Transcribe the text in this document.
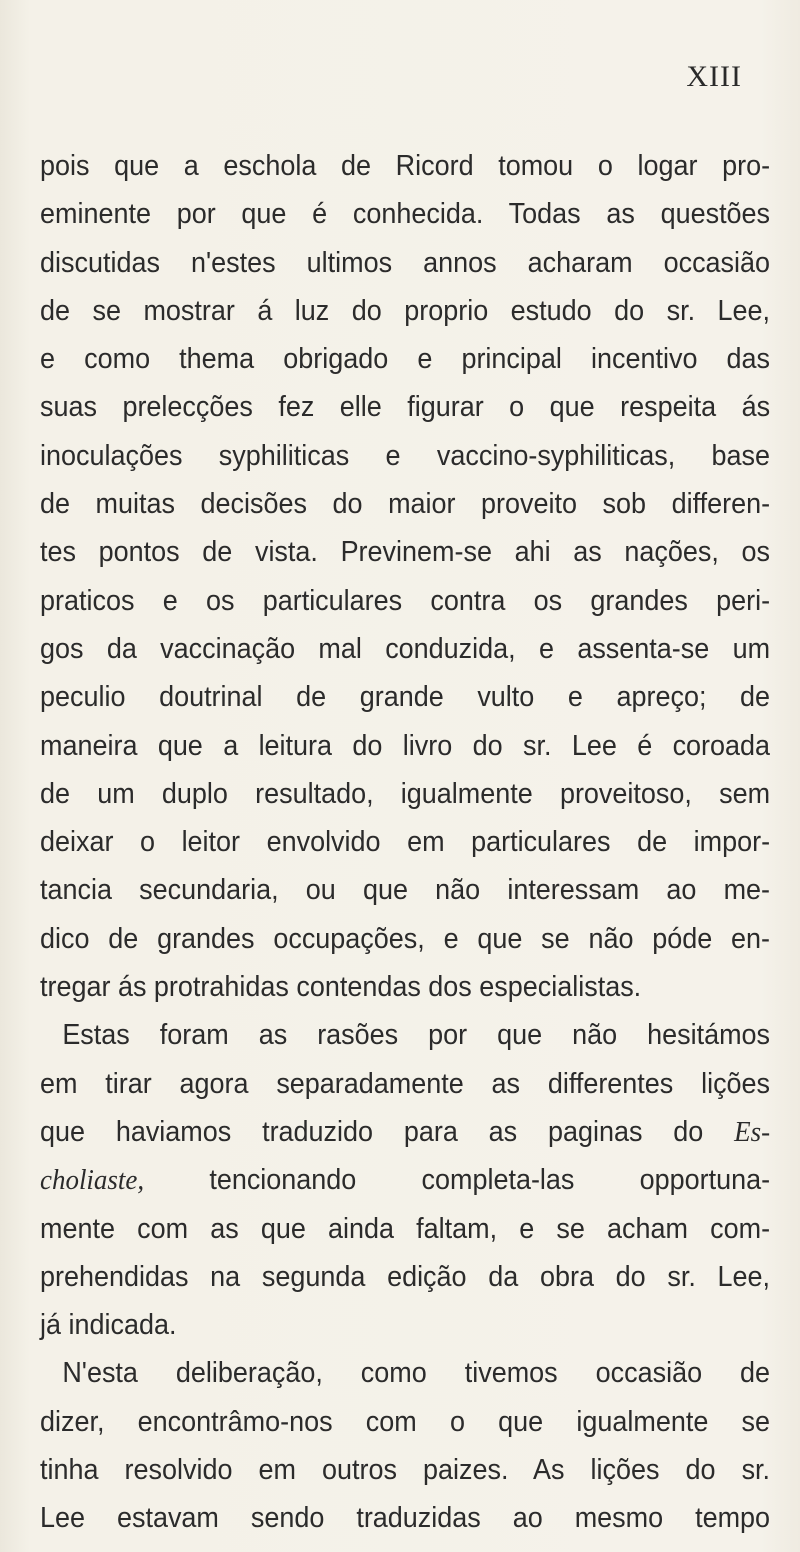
XIII
pois que a eschola de Ricord tomou o logar pro-
eminente por que é conhecida. Todas as questões
discutidas n'estes ultimos annos acharam occasião
de se mostrar á luz do proprio estudo do sr. Lee,
e como thema obrigado e principal incentivo das
suas prelecções fez elle figurar o que respeita ás
inoculações syphiliticas e vaccino-syphiliticas, base
de muitas decisões do maior proveito sob differen-
tes pontos de vista. Previnem-se ahi as nações, os
praticos e os particulares contra os grandes peri-
gos da vaccinação mal conduzida, e assenta-se um
peculio doutrinal de grande vulto e apreço; de
maneira que a leitura do livro do sr. Lee é coroada
de um duplo resultado, igualmente proveitoso, sem
deixar o leitor envolvido em particulares de impor-
tancia secundaria, ou que não interessam ao me-
dico de grandes occupações, e que se não póde en-
tregar ás protrahidas contendas dos especialistas.
Estas foram as rasões por que não hesitámos
em tirar agora separadamente as differentes lições
que haviamos traduzido para as paginas do Es-
choliaste, tencionando completa-las opportuna-
mente com as que ainda faltam, e se acham com-
prehendidas na segunda edição da obra do sr. Lee,
já indicada.
N'esta deliberação, como tivemos occasião de
dizer, encontrâmo-nos com o que igualmente se
tinha resolvido em outros paizes. As lições do sr.
Lee estavam sendo traduzidas ao mesmo tempo
